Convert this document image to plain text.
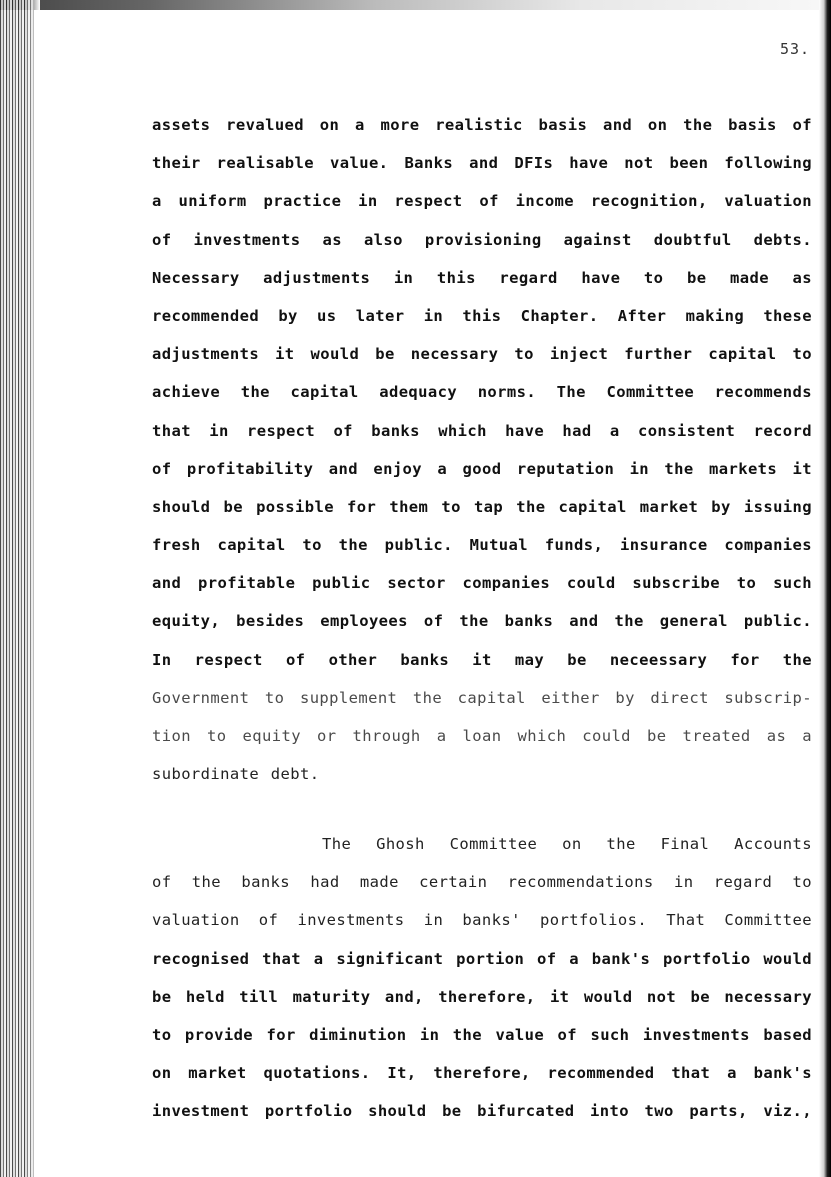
53.
assets revalued on a more realistic basis and on the basis of
their realisable value. Banks and DFIs have not been following
a uniform practice in respect of income recognition, valuation
of investments as also provisioning against doubtful debts.
Necessary adjustments in this regard have to be made as
recommended by us later in this Chapter. After making these
adjustments it would be necessary to inject further capital to
achieve the capital adequacy norms. The Committee recommends
that in respect of banks which have had a consistent record
of profitability and enjoy a good reputation in the markets it
should be possible for them to tap the capital market by issuing
fresh capital to the public. Mutual funds, insurance companies
and profitable public sector companies could subscribe to such
equity, besides employees of the banks and the general public.
In respect of other banks it may be neceessary for the
Government to supplement the capital either by direct subscrip-
tion to equity or through a loan which could be treated as a
subordinate debt.
The Ghosh Committee on the Final Accounts
of the banks had made certain recommendations in regard to
valuation of investments in banks' portfolios. That Committee
recognised that a significant portion of a bank's portfolio would
be held till maturity and, therefore, it would not be necessary
to provide for diminution in the value of such investments based
on market quotations. It, therefore, recommended that a bank's
investment portfolio should be bifurcated into two parts, viz.,
